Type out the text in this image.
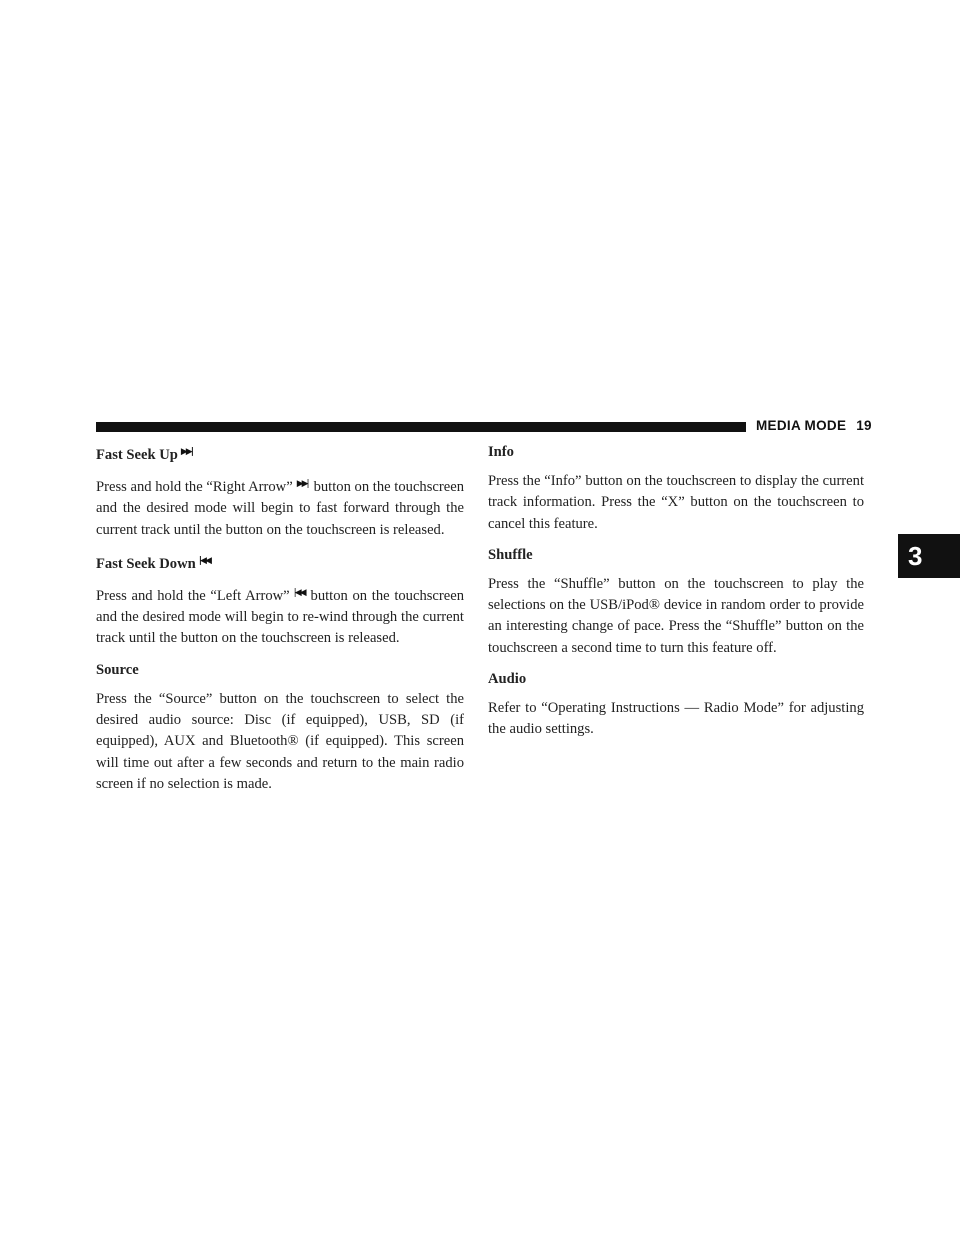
MEDIA MODE 19
3
Fast Seek Up ▶▶|

Press and hold the “Right Arrow” ▶▶| button on the touchscreen and the desired mode will begin to fast forward through the current track until the button on the touchscreen is released.

Fast Seek Down |◀◀

Press and hold the “Left Arrow” |◀◀ button on the touchscreen and the desired mode will begin to re-wind through the current track until the button on the touchscreen is released.

Source

Press the “Source” button on the touchscreen to select the desired audio source: Disc (if equipped), USB, SD (if equipped), AUX and Bluetooth® (if equipped). This screen will time out after a few seconds and return to the main radio screen if no selection is made.

Info

Press the “Info” button on the touchscreen to display the current track information. Press the “X” button on the touchscreen to cancel this feature.

Shuffle

Press the “Shuffle” button on the touchscreen to play the selections on the USB/iPod® device in random order to provide an interesting change of pace. Press the “Shuffle” button on the touchscreen a second time to turn this feature off.

Audio

Refer to “Operating Instructions — Radio Mode” for adjusting the audio settings.
